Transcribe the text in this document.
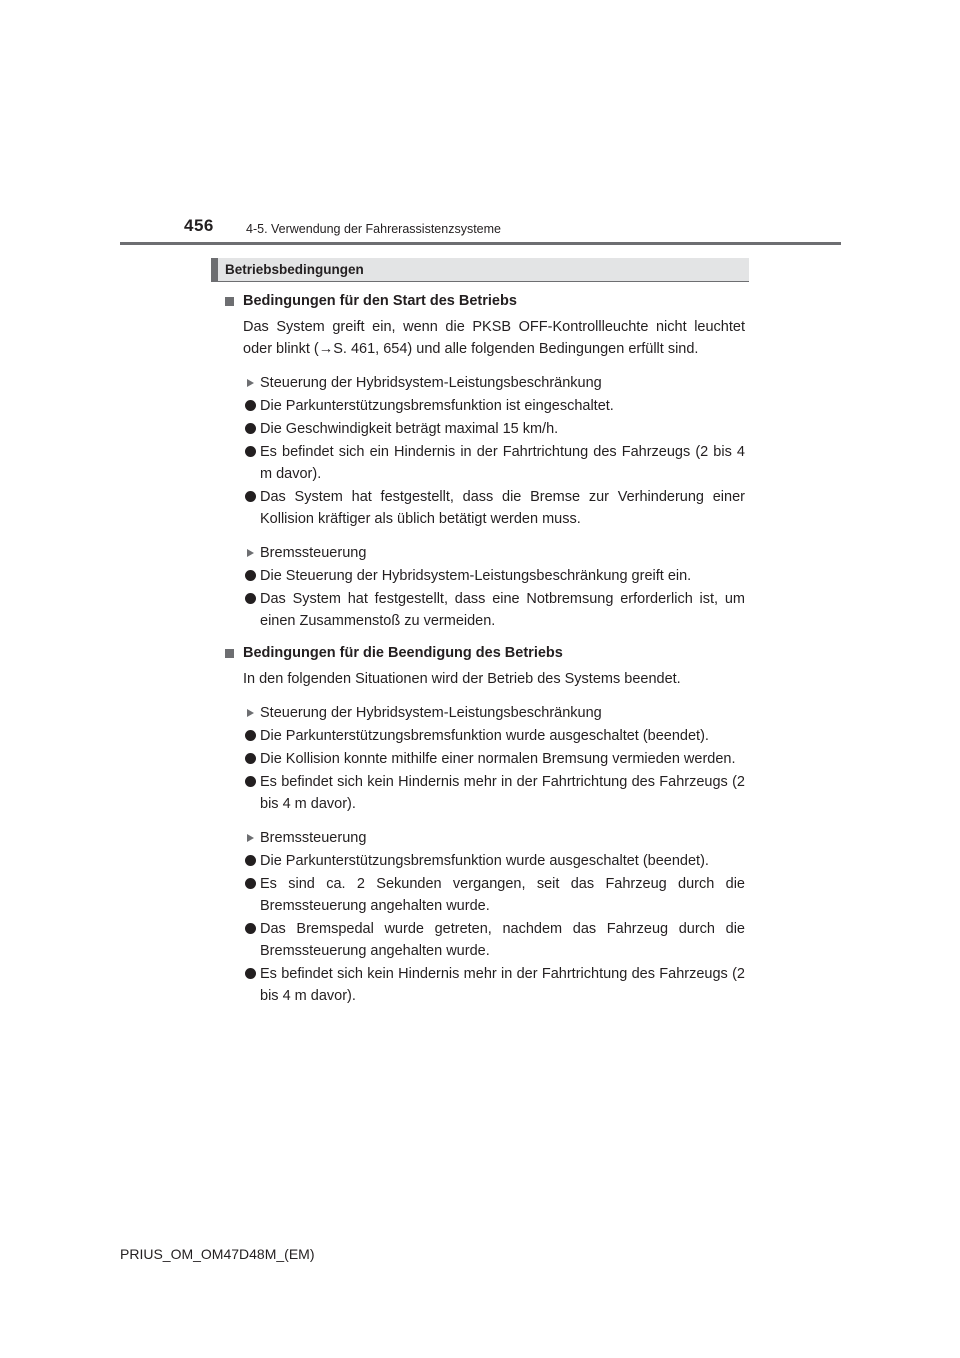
456	4-5. Verwendung der Fahrerassistenzsysteme
Betriebsbedingungen
Bedingungen für den Start des Betriebs
Das System greift ein, wenn die PKSB OFF-Kontrollleuchte nicht leuchtet oder blinkt (→S. 461, 654) und alle folgenden Bedingungen erfüllt sind.
Steuerung der Hybridsystem-Leistungsbeschränkung
Die Parkunterstützungsbremsfunktion ist eingeschaltet.
Die Geschwindigkeit beträgt maximal 15 km/h.
Es befindet sich ein Hindernis in der Fahrtrichtung des Fahrzeugs (2 bis 4 m davor).
Das System hat festgestellt, dass die Bremse zur Verhinderung einer Kollision kräftiger als üblich betätigt werden muss.
Bremssteuerung
Die Steuerung der Hybridsystem-Leistungsbeschränkung greift ein.
Das System hat festgestellt, dass eine Notbremsung erforderlich ist, um einen Zusammenstoß zu vermeiden.
Bedingungen für die Beendigung des Betriebs
In den folgenden Situationen wird der Betrieb des Systems beendet.
Steuerung der Hybridsystem-Leistungsbeschränkung
Die Parkunterstützungsbremsfunktion wurde ausgeschaltet (beendet).
Die Kollision konnte mithilfe einer normalen Bremsung vermieden werden.
Es befindet sich kein Hindernis mehr in der Fahrtrichtung des Fahrzeugs (2 bis 4 m davor).
Bremssteuerung
Die Parkunterstützungsbremsfunktion wurde ausgeschaltet (beendet).
Es sind ca. 2 Sekunden vergangen, seit das Fahrzeug durch die Bremssteuerung angehalten wurde.
Das Bremspedal wurde getreten, nachdem das Fahrzeug durch die Bremssteuerung angehalten wurde.
Es befindet sich kein Hindernis mehr in der Fahrtrichtung des Fahrzeugs (2 bis 4 m davor).
PRIUS_OM_OM47D48M_(EM)
